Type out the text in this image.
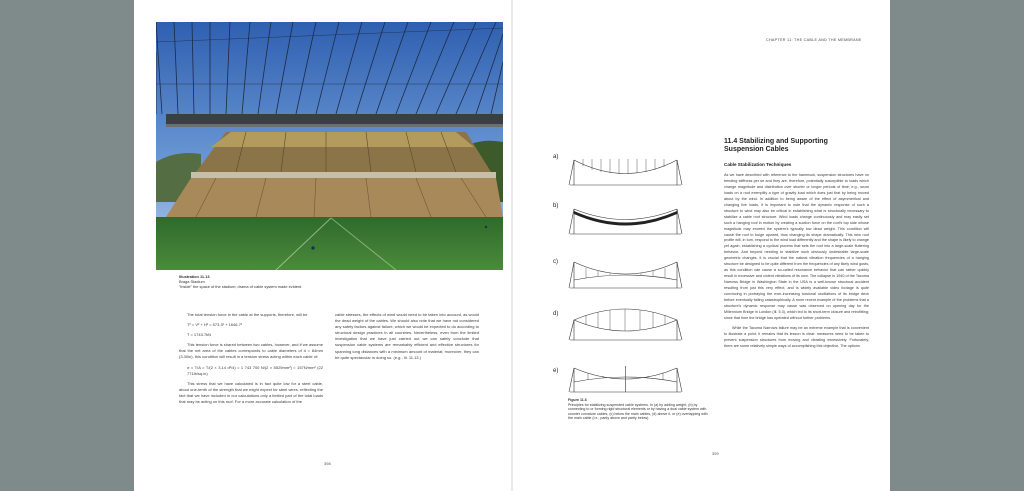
Illustration 11.13
Braga Stadium
"inside" the space of the stadium; drama of cable system made evident.

The total tension force in the cable at the supports, therefore, will be

T² = V² + H² = 573.3² + 1646.7²
T = 1743.7kN

This tension force is shared between two cables, however, and if we assume that the net area of the cables corresponds to cable diameters of d = 84mm (3.30in), this condition will result in a tension stress acting within each cable of:

σ = T/A = T/(2 × 3.14 d²/4) = 1 743 700 N/(2 × 5529mm²) = 157N/mm² (22 771lb/sq.in)

This stress that we have calculated is in fact quite low for a steel cable, about one-tenth of the strength that we might expect for steel wires, reflecting the fact that we have included in our calculations only a limited part of the total loads that may be acting on this roof. For a more accurate calculation of the

cable stresses, the effects of wind would need to be taken into account, as would the dead weight of the cables. We should also note that we have not considered any safety factors against failure, which we would be expected to do according to structural design practices in all countries. Nevertheless, even from the limited investigation that we have just carried out we can safely conclude that suspension cable systems are remarkably efficient and effective structures for spanning long distances with a minimum amount of material; moreover, they can be quite spectacular in doing so. (e.g., Ill. 11.13.)

398
CHAPTER 11: THE CABLE AND THE MEMBRANE
a)
b)
c)
d)
e)
Figure 11.6
Principles for stabilizing suspended cable systems. In (a) by adding weight, (b) by connecting to or forming rigid structural elements or by having a dual cable system with counter curvature cables, (c) below the main cables, (d) above it, or (e) overlapping with the main cable (i.e., partly above and partly below).
11.4 Stabilizing and Supporting Suspension Cables
Cable Stabilization Techniques

As we have described with reference to the hammock, suspension structures have no bending stiffness per se and they are, therefore, potentially susceptible to loads which change magnitude and distribution over shorter or longer periods of time; e.g., snow loads on a roof exemplify a type of gravity load which does just that by being moved about by the wind. In addition to being aware of the effect of asymmetrical and changing live loads, it is important to note that the dynamic response of such a structure to wind may also be critical in establishing what is structurally necessary to stabilize a cable roof structure. Wind loads change continuously and may easily set such a hanging roof in motion by creating a suction force on the roof's top side whose magnitude may exceed the system's typically low dead weight. This condition will cause the roof to bulge upward, thus changing its shape dramatically. This new roof profile will, in turn, respond to the wind load differently and the shape is likely to change yet again, establishing a cyclical process that sets the roof into a large-scale fluttering behavior. And beyond needing to stabilize such obviously undesirable large-scale geometric changes, it is crucial that the natural vibration frequencies of a hanging structure be designed to be quite different from the frequencies of any likely wind gusts, as this condition can cause a so-called resonance behavior that can rather quickly result in excessive and violent vibrations of its own. The collapse in 1940 of the Tacoma Narrows Bridge in Washington State in the USA is a well-known structural accident resulting from just this very effect, and is widely available video footage is quite convincing in portraying the ever-increasing torsional oscillations of its bridge deck before eventually failing catastrophically. A more recent example of the problems that a structure's dynamic response may cause was observed on opening day for the Millennium Bridge in London (Ill. 5.3), which led to its short-term closure and retrofitting; since that time the bridge has operated without further problems.

While the Tacoma Narrows failure may be an extreme example that is convenient to illustrate a point, it remains that its lesson is clear: measures need to be taken to prevent suspension structures from moving and vibrating excessively. Fortunately, there are some relatively simple ways of accomplishing this objective. The options

399
